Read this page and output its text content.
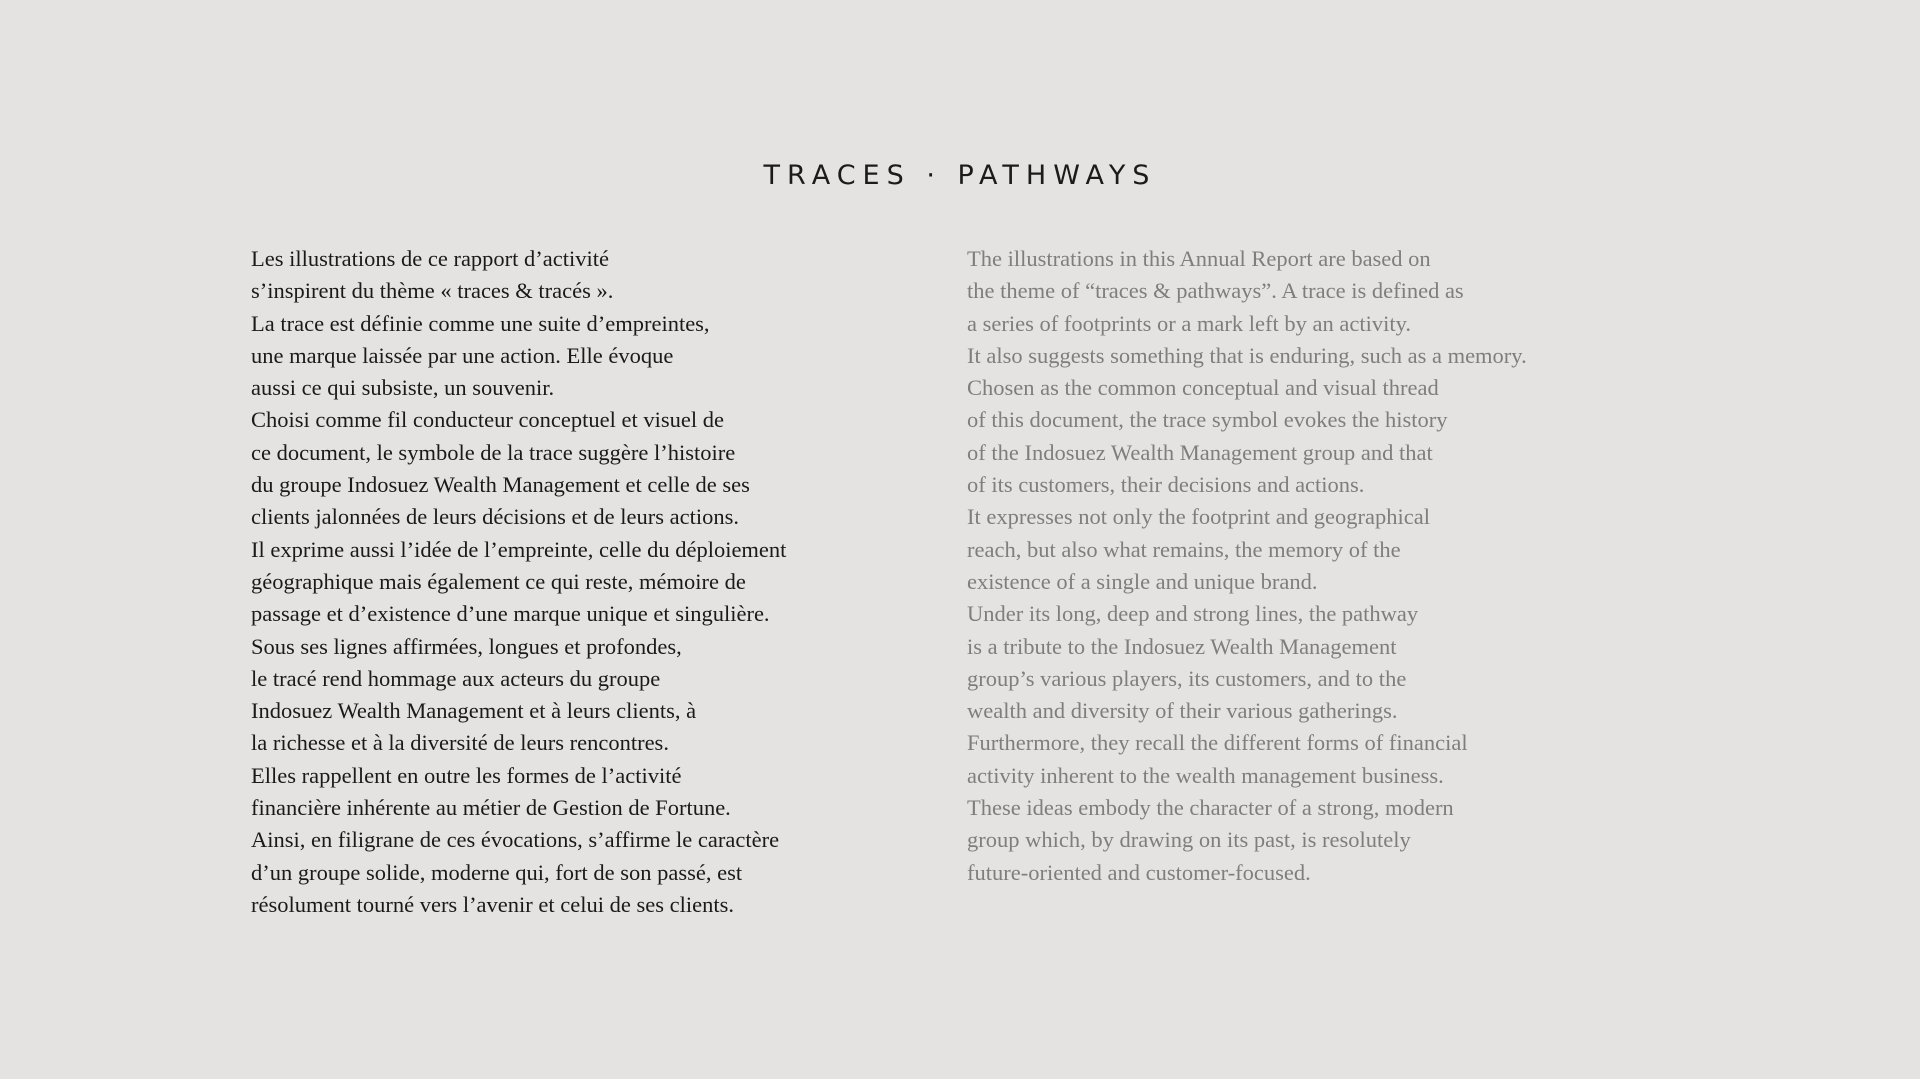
TRACES · PATHWAYS
Les illustrations de ce rapport d’activité
s’inspirent du thème « traces & tracés ».
La trace est définie comme une suite d’empreintes,
une marque laissée par une action. Elle évoque
aussi ce qui subsiste, un souvenir.
Choisi comme fil conducteur conceptuel et visuel de
ce document, le symbole de la trace suggère l’histoire
du groupe Indosuez Wealth Management et celle de ses
clients jalonnées de leurs décisions et de leurs actions.
Il exprime aussi l’idée de l’empreinte, celle du déploiement
géographique mais également ce qui reste, mémoire de
passage et d’existence d’une marque unique et singulière.
Sous ses lignes affirmées, longues et profondes,
le tracé rend hommage aux acteurs du groupe
Indosuez Wealth Management et à leurs clients, à
la richesse et à la diversité de leurs rencontres.
Elles rappellent en outre les formes de l’activité
financière inhérente au métier de Gestion de Fortune.
Ainsi, en filigrane de ces évocations, s’affirme le caractère
d’un groupe solide, moderne qui, fort de son passé, est
résolument tourné vers l’avenir et celui de ses clients.
The illustrations in this Annual Report are based on
the theme of “traces & pathways”. A trace is defined as
a series of footprints or a mark left by an activity.
It also suggests something that is enduring, such as a memory.
Chosen as the common conceptual and visual thread
of this document, the trace symbol evokes the history
of the Indosuez Wealth Management group and that
of its customers, their decisions and actions.
It expresses not only the footprint and geographical
reach, but also what remains, the memory of the
existence of a single and unique brand.
Under its long, deep and strong lines, the pathway
is a tribute to the Indosuez Wealth Management
group’s various players, its customers, and to the
wealth and diversity of their various gatherings.
Furthermore, they recall the different forms of financial
activity inherent to the wealth management business.
These ideas embody the character of a strong, modern
group which, by drawing on its past, is resolutely
future-oriented and customer-focused.
